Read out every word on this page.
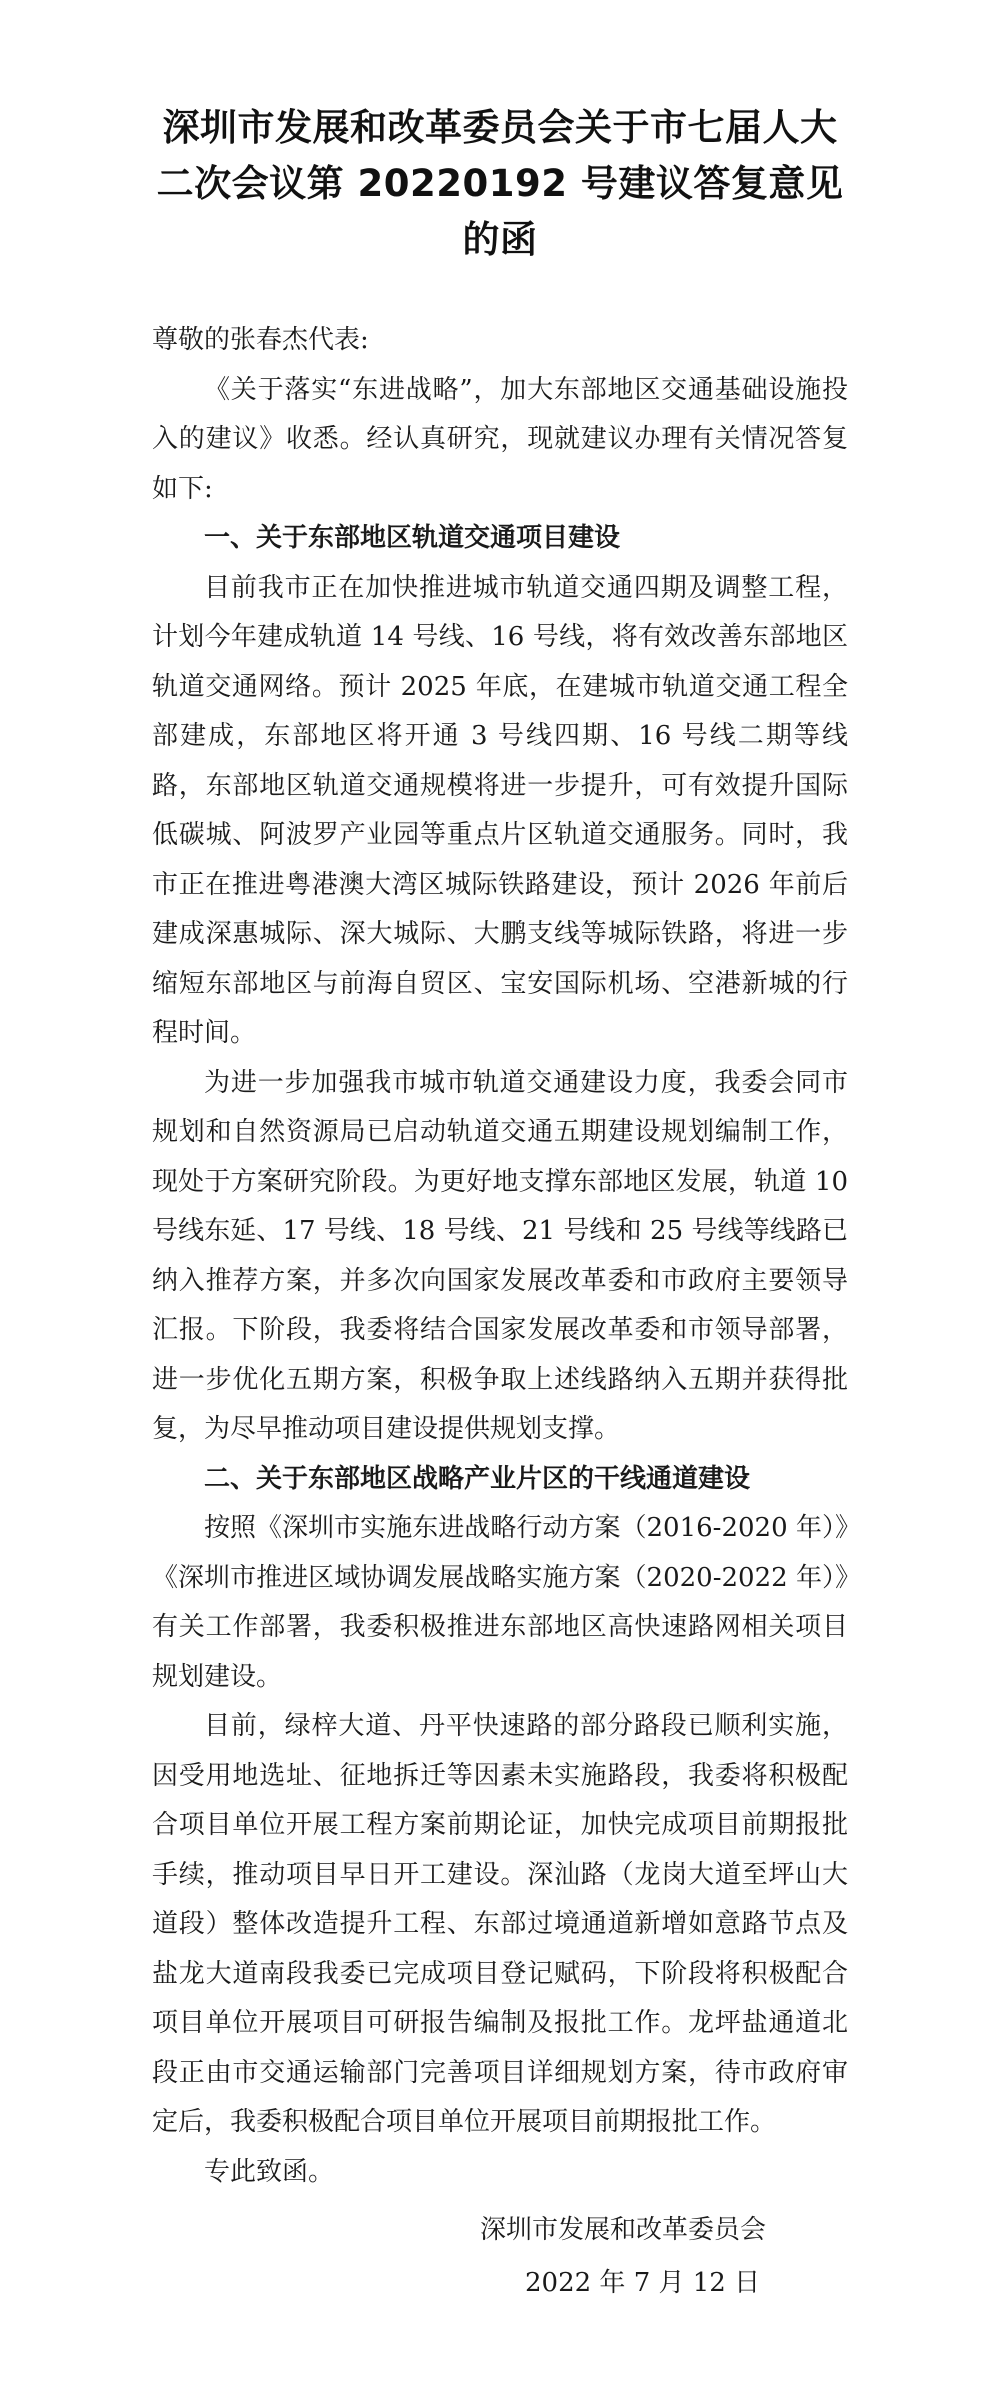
深圳市发展和改革委员会关于市七届人大
二次会议第 20220192 号建议答复意见的函

尊敬的张春杰代表:

《关于落实“东进战略”，加大东部地区交通基础设施投入的建议》收悉。经认真研究，现就建议办理有关情况答复如下:

一、关于东部地区轨道交通项目建设

目前我市正在加快推进城市轨道交通四期及调整工程，计划今年建成轨道 14 号线、16 号线，将有效改善东部地区轨道交通网络。预计 2025 年底，在建城市轨道交通工程全部建成，东部地区将开通 3 号线四期、16 号线二期等线路，东部地区轨道交通规模将进一步提升，可有效提升国际低碳城、阿波罗产业园等重点片区轨道交通服务。同时，我市正在推进粤港澳大湾区城际铁路建设，预计 2026 年前后建成深惠城际、深大城际、大鹏支线等城际铁路，将进一步缩短东部地区与前海自贸区、宝安国际机场、空港新城的行程时间。

为进一步加强我市城市轨道交通建设力度，我委会同市规划和自然资源局已启动轨道交通五期建设规划编制工作，现处于方案研究阶段。为更好地支撑东部地区发展，轨道 10 号线东延、17 号线、18 号线、21 号线和 25 号线等线路已纳入推荐方案，并多次向国家发展改革委和市政府主要领导汇报。下阶段，我委将结合国家发展改革委和市领导部署，进一步优化五期方案，积极争取上述线路纳入五期并获得批复，为尽早推动项目建设提供规划支撑。

二、关于东部地区战略产业片区的干线通道建设

按照《深圳市实施东进战略行动方案（2016-2020 年）》《深圳市推进区域协调发展战略实施方案（2020-2022 年）》有关工作部署，我委积极推进东部地区高快速路网相关项目规划建设。

目前，绿梓大道、丹平快速路的部分路段已顺利实施，因受用地选址、征地拆迁等因素未实施路段，我委将积极配合项目单位开展工程方案前期论证，加快完成项目前期报批手续，推动项目早日开工建设。深汕路（龙岗大道至坪山大道段）整体改造提升工程、东部过境通道新增如意路节点及盐龙大道南段我委已完成项目登记赋码，下阶段将积极配合项目单位开展项目可研报告编制及报批工作。龙坪盐通道北段正由市交通运输部门完善项目详细规划方案，待市政府审定后，我委积极配合项目单位开展项目前期报批工作。

专此致函。

深圳市发展和改革委员会
2022 年 7 月 12 日
